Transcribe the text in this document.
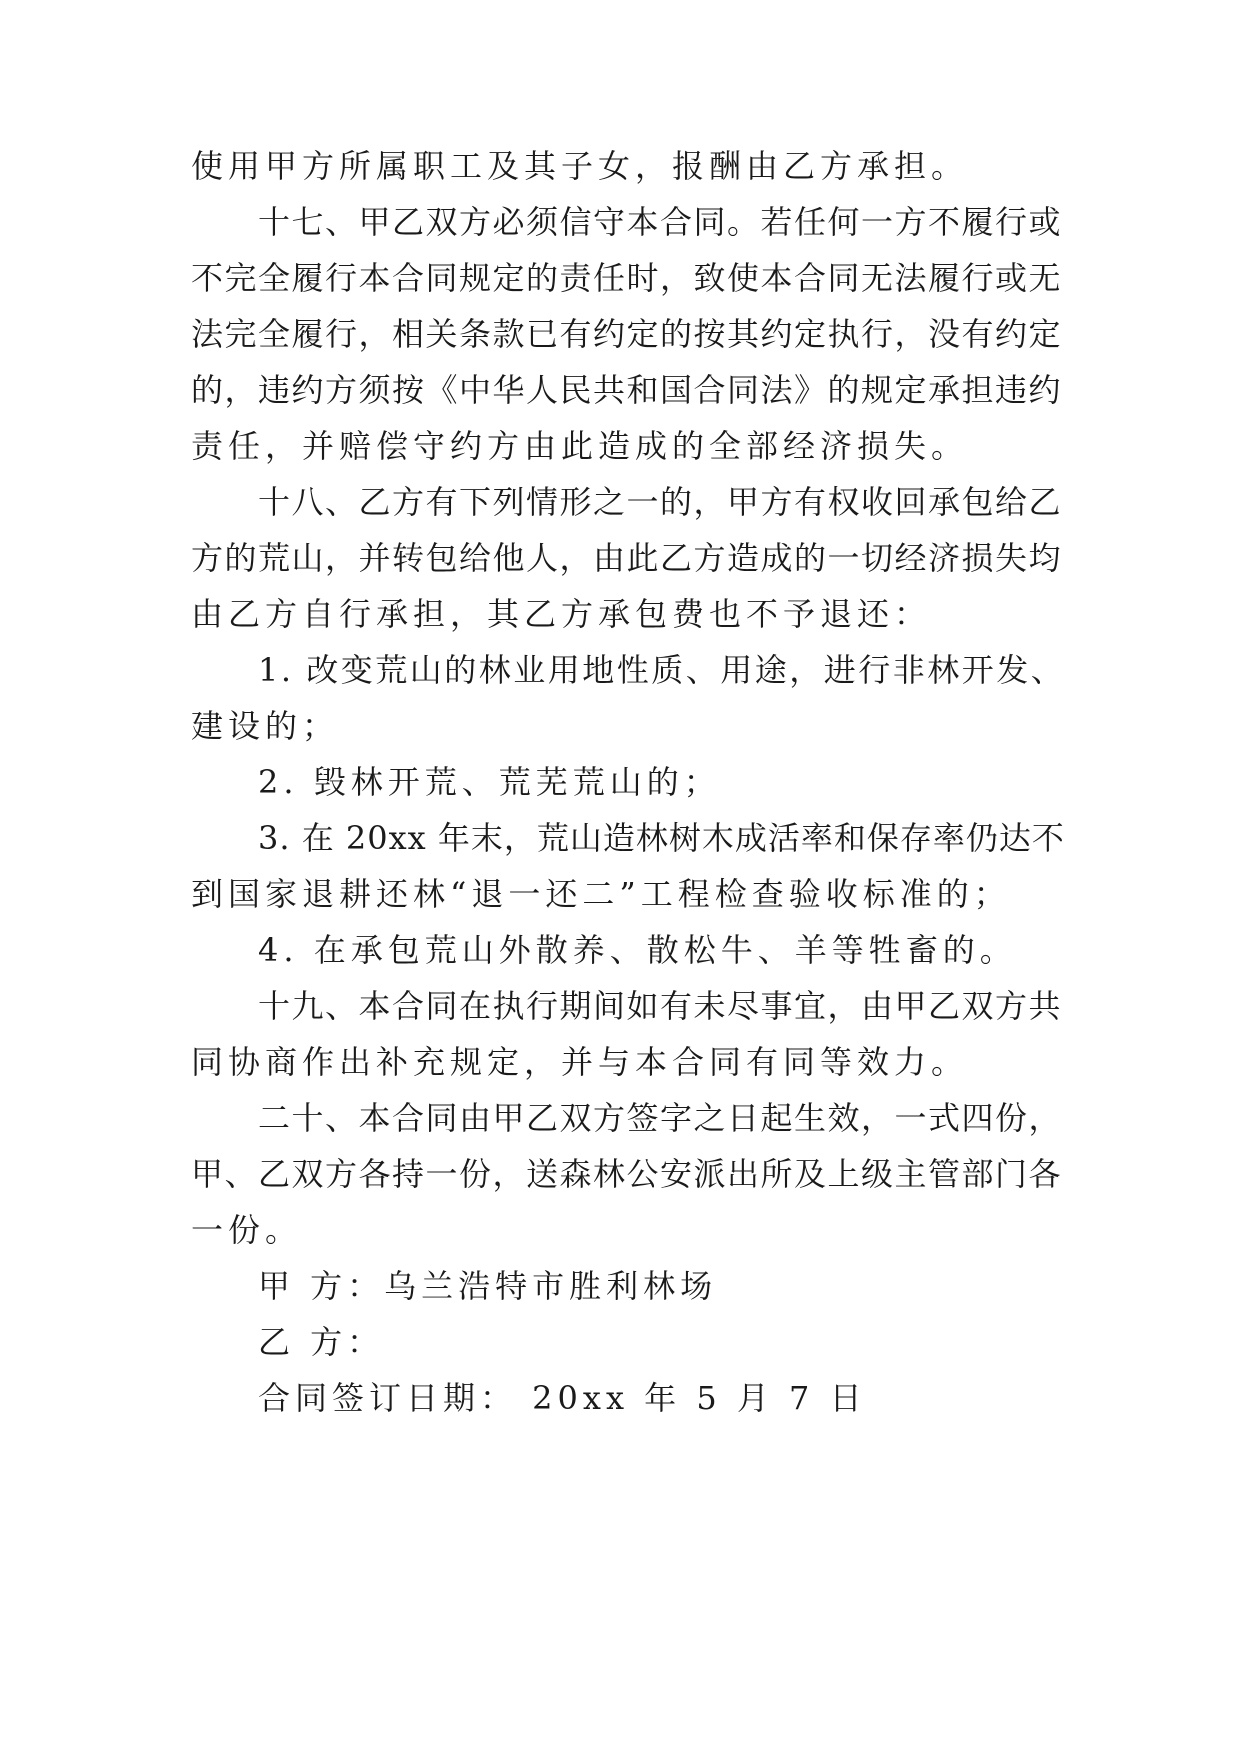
使用甲方所属职工及其子女，报酬由乙方承担。
十七、甲乙双方必须信守本合同。若任何一方不履行或
不完全履行本合同规定的责任时，致使本合同无法履行或无
法完全履行，相关条款已有约定的按其约定执行，没有约定
的，违约方须按《中华人民共和国合同法》的规定承担违约
责任，并赔偿守约方由此造成的全部经济损失。
十八、乙方有下列情形之一的，甲方有权收回承包给乙
方的荒山，并转包给他人，由此乙方造成的一切经济损失均
由乙方自行承担，其乙方承包费也不予退还：
1. 改变荒山的林业用地性质、用途，进行非林开发、
建设的；
2. 毁林开荒、荒芜荒山的；
3. 在 20xx 年末，荒山造林树木成活率和保存率仍达不
到国家退耕还林“退一还二”工程检查验收标准的；
4. 在承包荒山外散养、散松牛、羊等牲畜的。
十九、本合同在执行期间如有未尽事宜，由甲乙双方共
同协商作出补充规定，并与本合同有同等效力。
二十、本合同由甲乙双方签字之日起生效，一式四份，
甲、乙双方各持一份，送森林公安派出所及上级主管部门各
一份。
甲 方：乌兰浩特市胜利林场
乙 方：
合同签订日期： 20xx 年 5 月 7 日
